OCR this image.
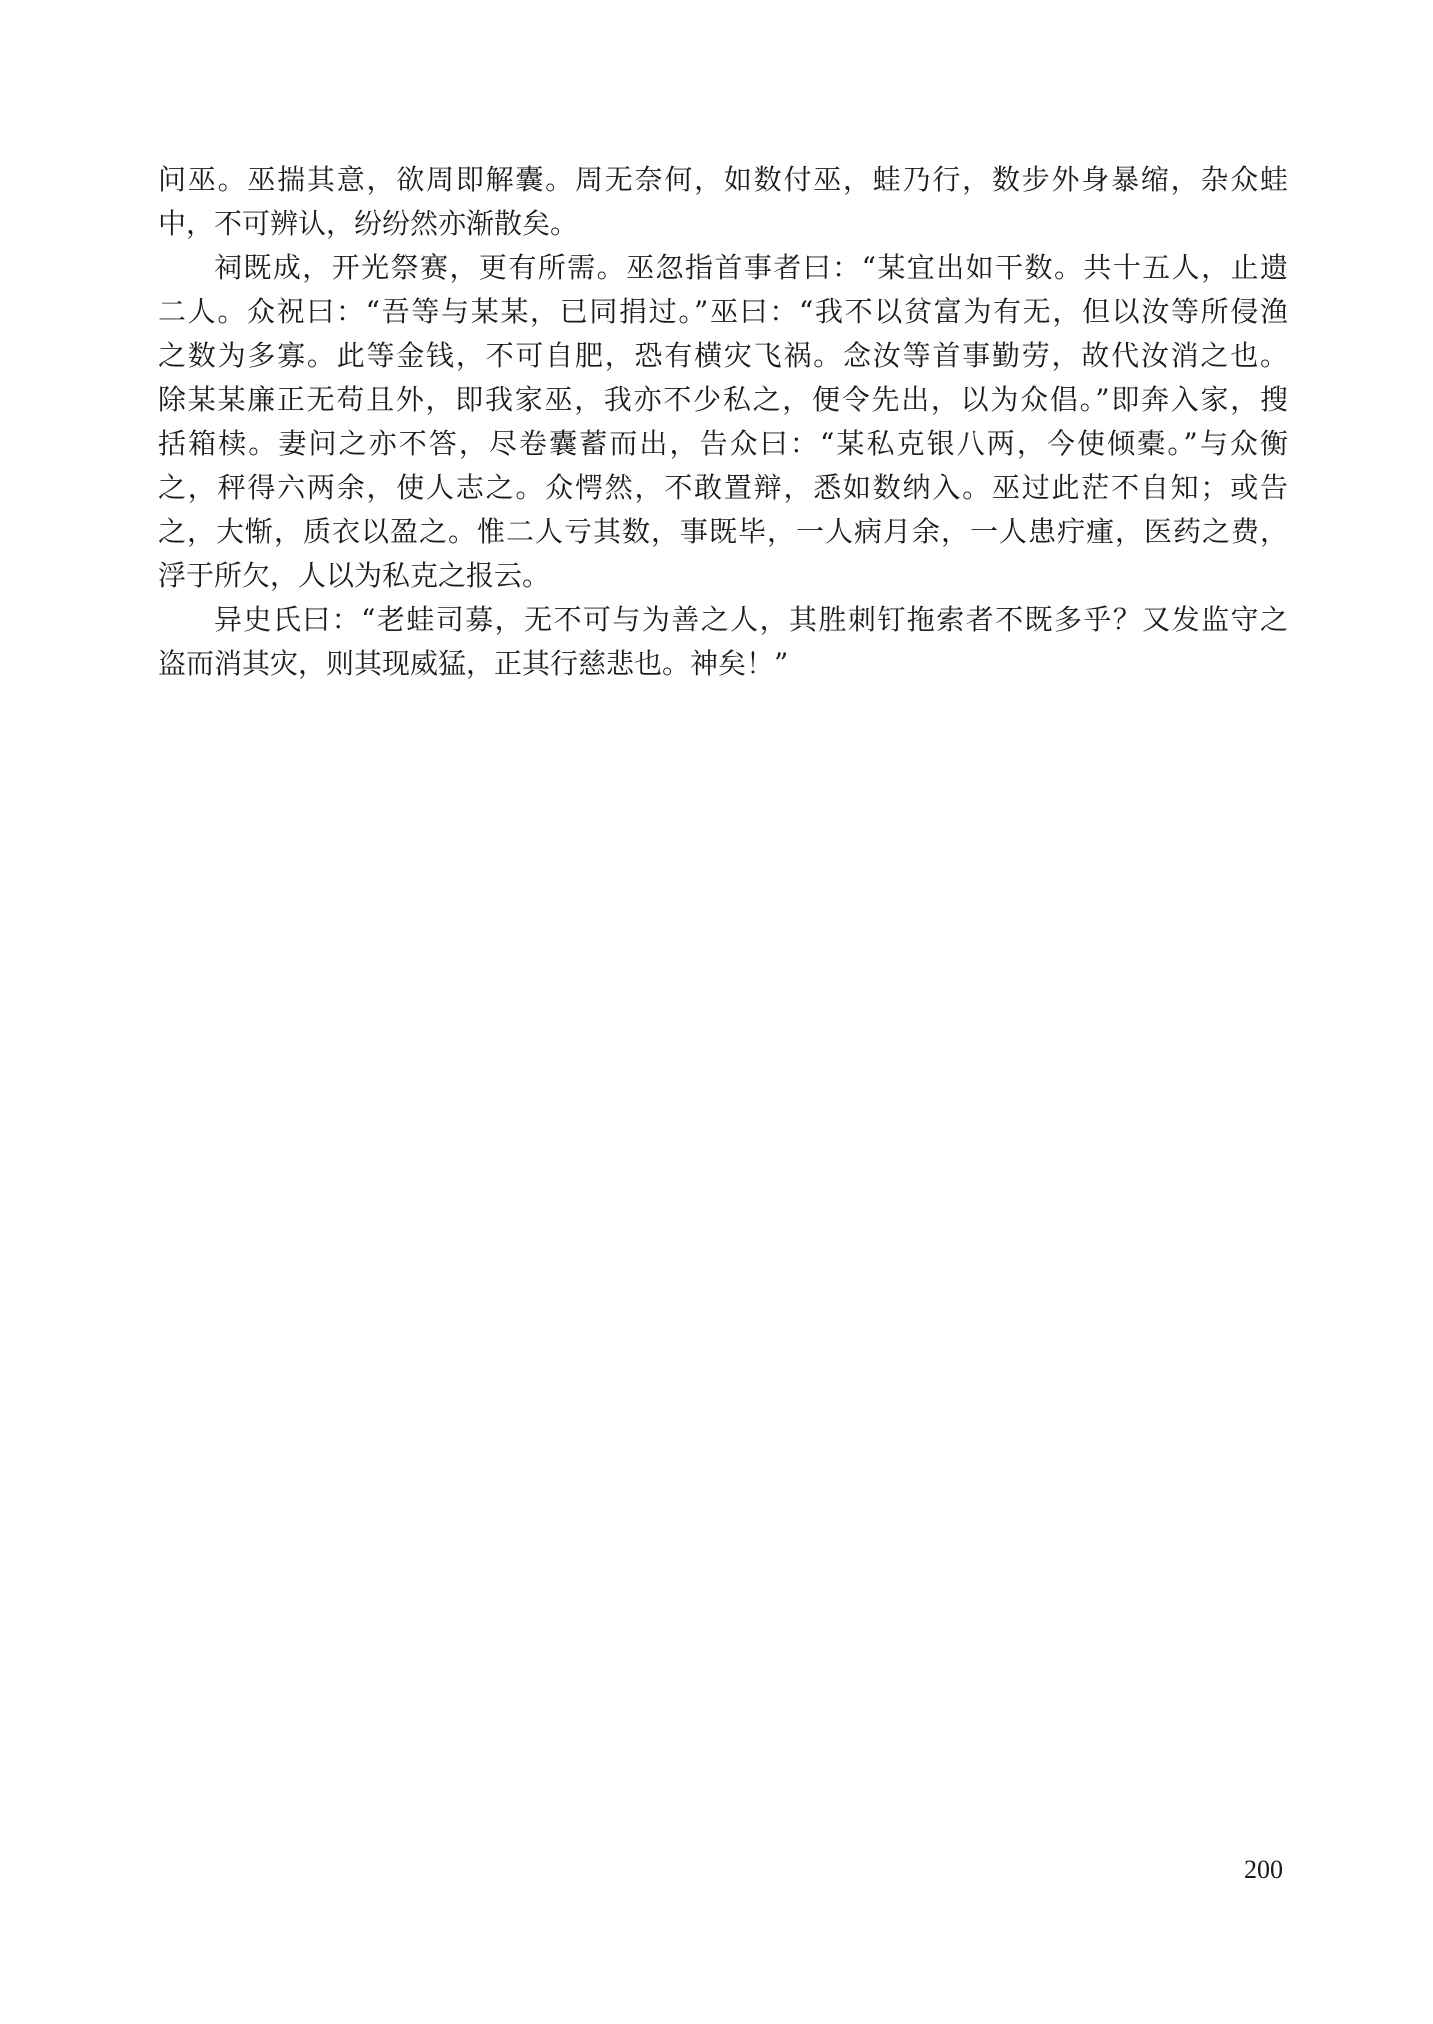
问巫。巫揣其意，欲周即解囊。周无奈何，如数付巫，蛙乃行，数步外身暴缩，杂众蛙
中，不可辨认，纷纷然亦渐散矣。
祠既成，开光祭赛，更有所需。巫忽指首事者曰：“某宜出如干数。共十五人，止遗
二人。众祝曰：“吾等与某某，已同捐过。”巫曰：“我不以贫富为有无，但以汝等所侵渔
之数为多寡。此等金钱，不可自肥，恐有横灾飞祸。念汝等首事勤劳，故代汝消之也。
除某某廉正无苟且外，即我家巫，我亦不少私之，便令先出，以为众倡。”即奔入家，搜
括箱椟。妻问之亦不答，尽卷囊蓄而出，告众曰：“某私克银八两，今使倾橐。”与众衡
之，秤得六两余，使人志之。众愕然，不敢置辩，悉如数纳入。巫过此茫不自知；或告
之，大惭，质衣以盈之。惟二人亏其数，事既毕，一人病月余，一人患疔瘇，医药之费，
浮于所欠，人以为私克之报云。
异史氏曰：“老蛙司募，无不可与为善之人，其胜刺钉拖索者不既多乎？又发监守之
盗而消其灾，则其现威猛，正其行慈悲也。神矣！”
200
